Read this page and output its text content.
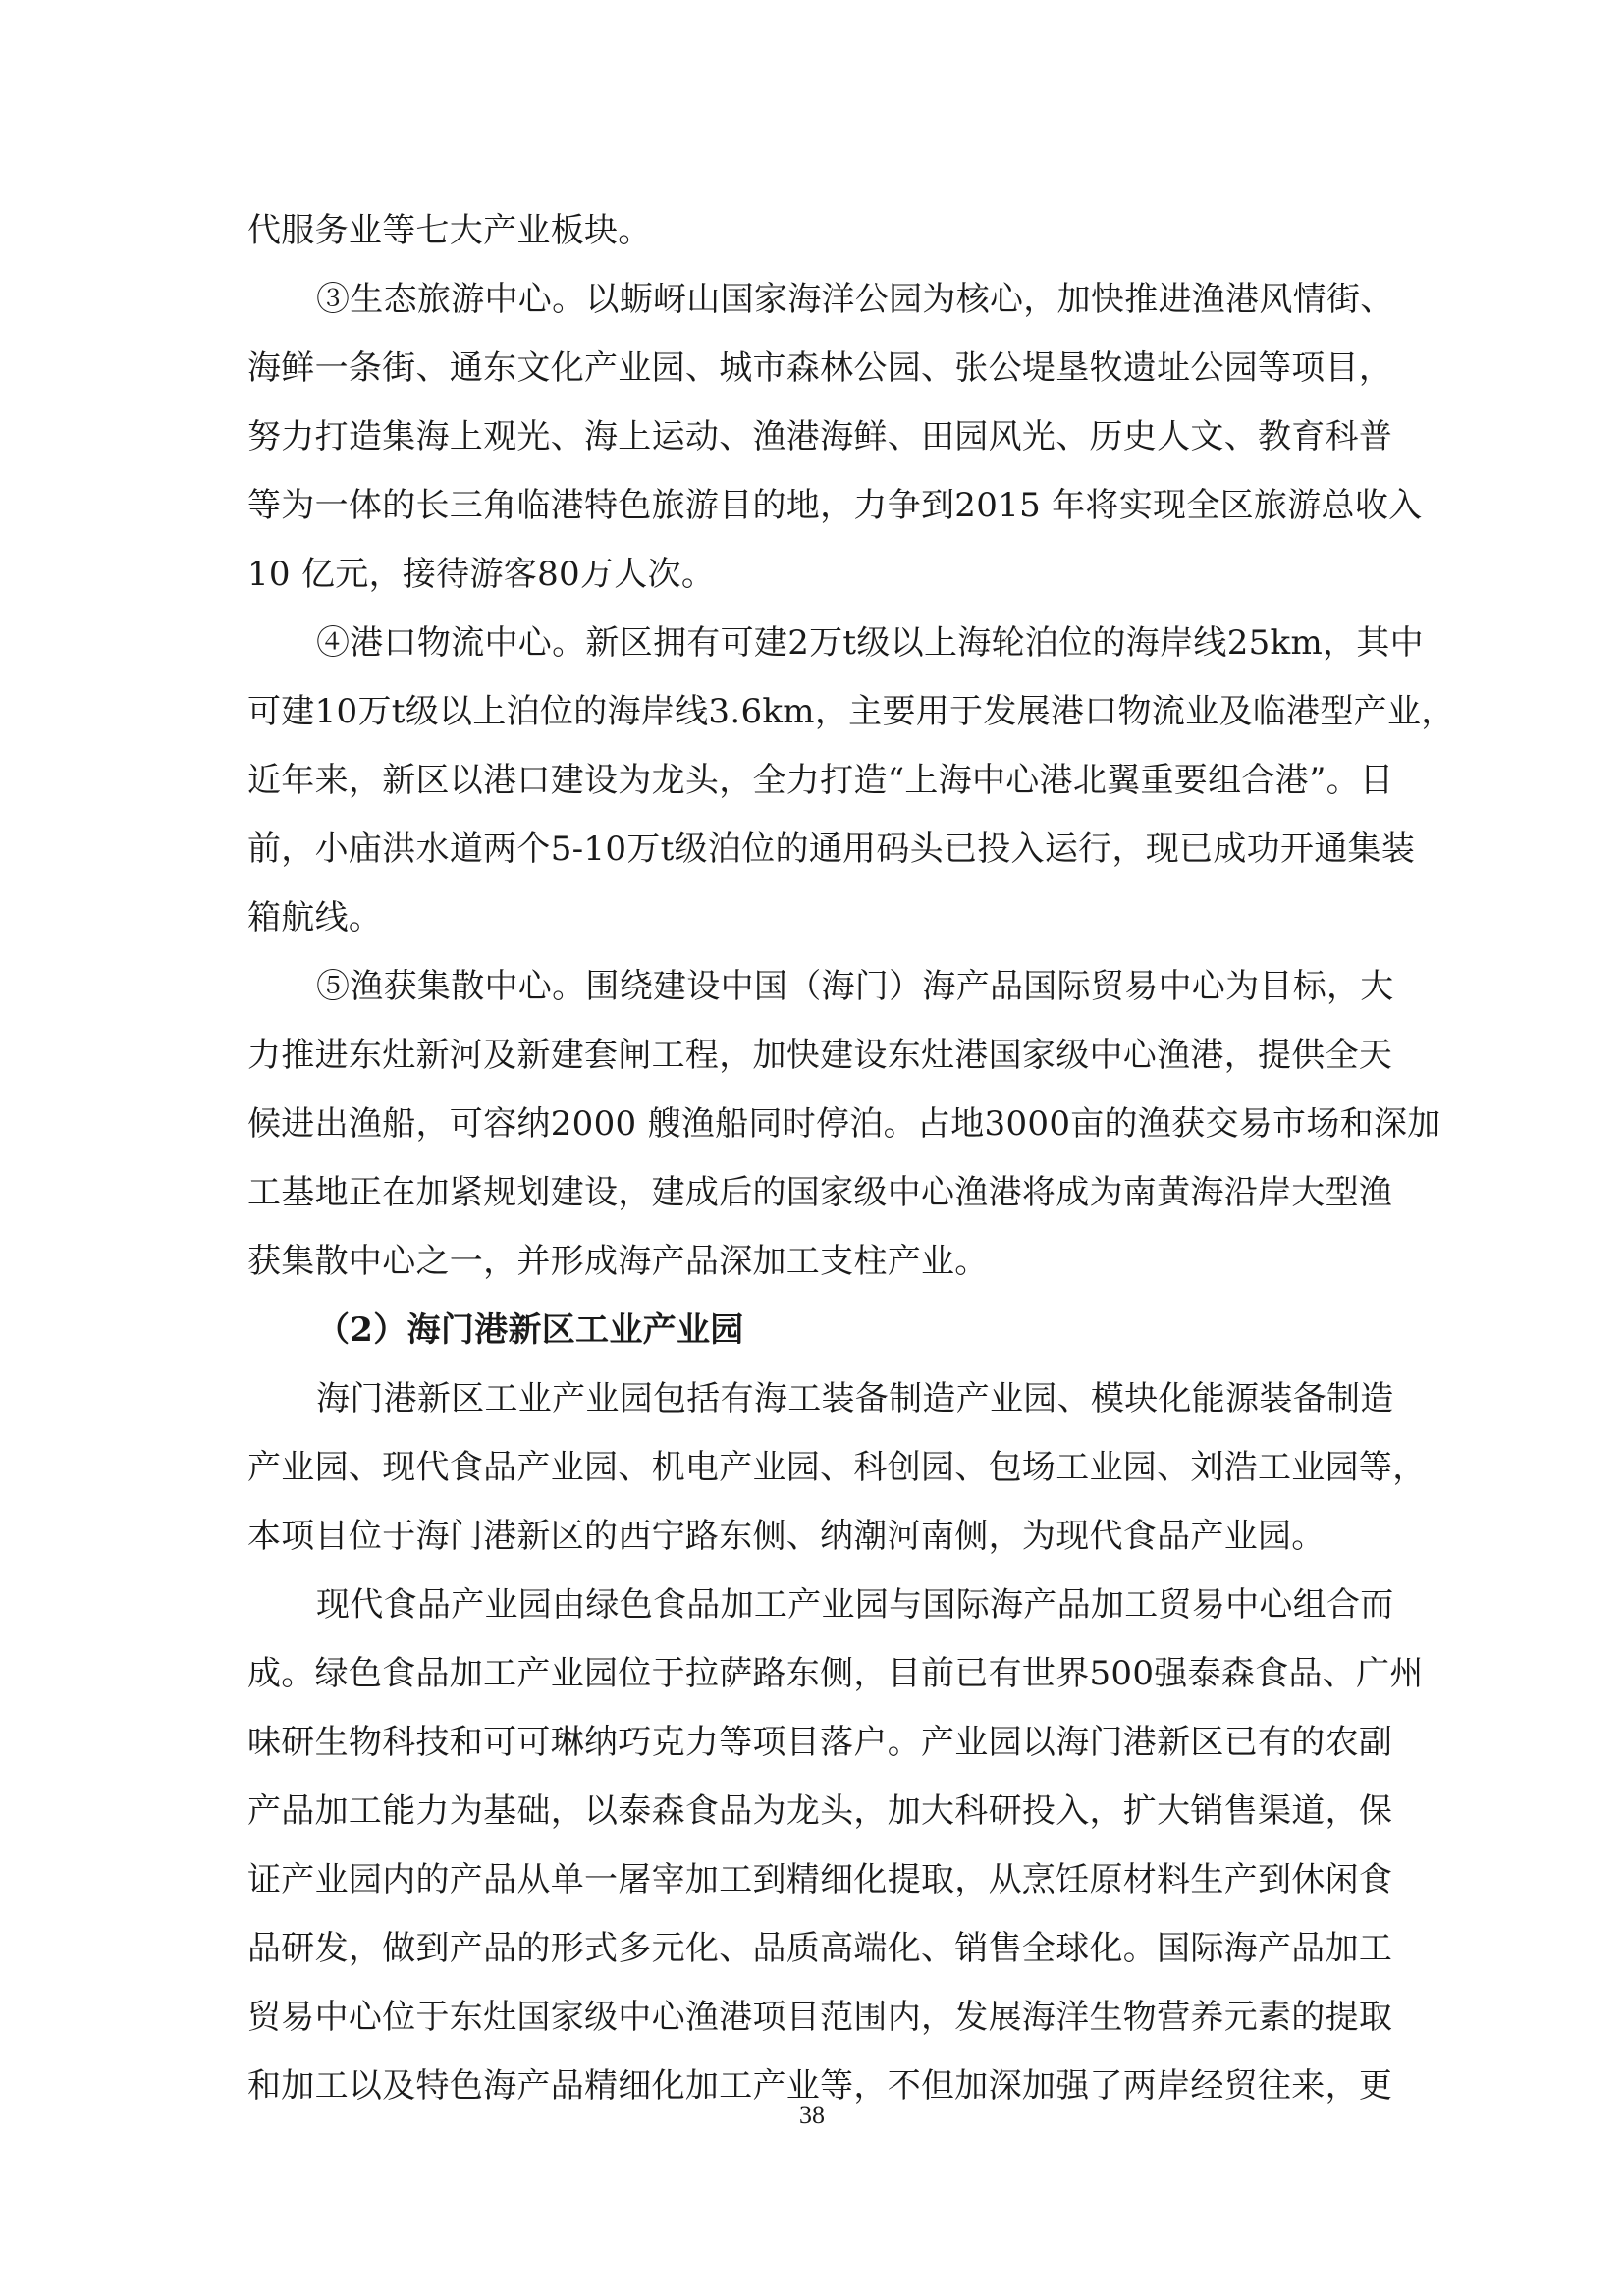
代服务业等七大产业板块。
③生态旅游中心。以蛎岈山国家海洋公园为核心，加快推进渔港风情街、
海鲜一条街、通东文化产业园、城市森林公园、张公堤垦牧遗址公园等项目，
努力打造集海上观光、海上运动、渔港海鲜、田园风光、历史人文、教育科普
等为一体的长三角临港特色旅游目的地，力争到2015 年将实现全区旅游总收入
10 亿元，接待游客80万人次。
④港口物流中心。新区拥有可建2万t级以上海轮泊位的海岸线25km，其中
可建10万t级以上泊位的海岸线3.6km，主要用于发展港口物流业及临港型产业，
近年来，新区以港口建设为龙头，全力打造“上海中心港北翼重要组合港”。目
前，小庙洪水道两个5-10万t级泊位的通用码头已投入运行，现已成功开通集装
箱航线。
⑤渔获集散中心。围绕建设中国（海门）海产品国际贸易中心为目标，大
力推进东灶新河及新建套闸工程，加快建设东灶港国家级中心渔港，提供全天
候进出渔船，可容纳2000 艘渔船同时停泊。占地3000亩的渔获交易市场和深加
工基地正在加紧规划建设，建成后的国家级中心渔港将成为南黄海沿岸大型渔
获集散中心之一，并形成海产品深加工支柱产业。
（2）海门港新区工业产业园
海门港新区工业产业园包括有海工装备制造产业园、模块化能源装备制造
产业园、现代食品产业园、机电产业园、科创园、包场工业园、刘浩工业园等，
本项目位于海门港新区的西宁路东侧、纳潮河南侧，为现代食品产业园。
现代食品产业园由绿色食品加工产业园与国际海产品加工贸易中心组合而
成。绿色食品加工产业园位于拉萨路东侧，目前已有世界500强泰森食品、广州
味研生物科技和可可琳纳巧克力等项目落户。产业园以海门港新区已有的农副
产品加工能力为基础，以泰森食品为龙头，加大科研投入，扩大销售渠道，保
证产业园内的产品从单一屠宰加工到精细化提取，从烹饪原材料生产到休闲食
品研发，做到产品的形式多元化、品质高端化、销售全球化。国际海产品加工
贸易中心位于东灶国家级中心渔港项目范围内，发展海洋生物营养元素的提取
和加工以及特色海产品精细化加工产业等，不但加深加强了两岸经贸往来，更
38
